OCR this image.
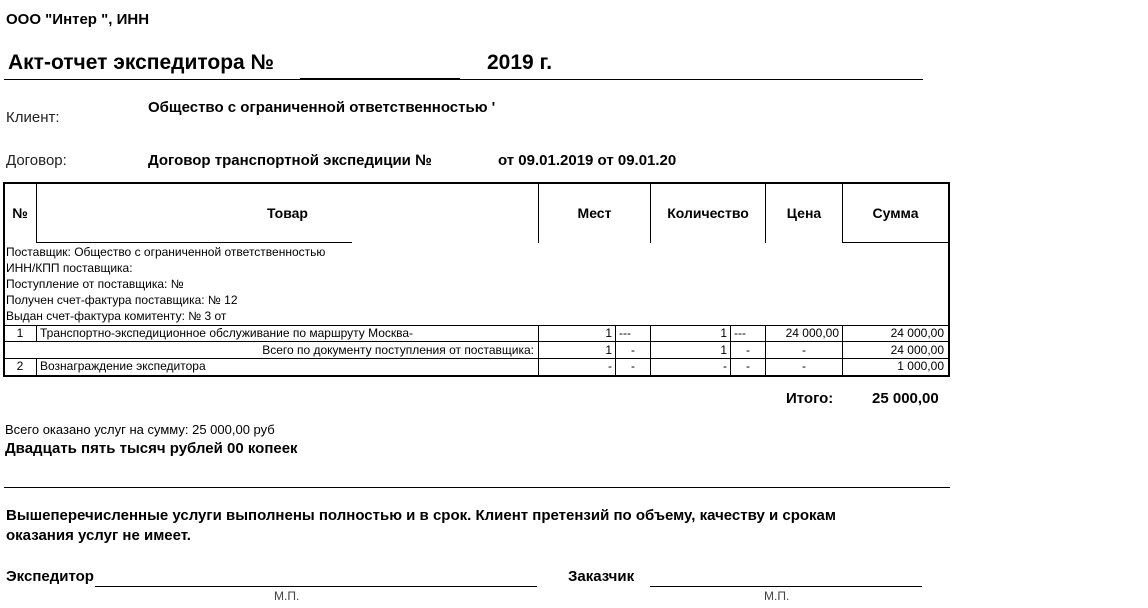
ООО "Интер ", ИНН
Акт-отчет экспедитора №	2019 г.
Клиент:
Общество с ограниченной ответственностью '
Договор:	Договор транспортной экспедиции №	от 09.01.2019 от 09.01.20
№	Товар	Мест	Количество	Цена	Сумма
Поставщик: Общество с ограниченной ответственностью
ИНН/КПП поставщика:
Поступление от поставщика: №
Получен счет-фактура поставщика: № 12
Выдан счет-фактура комитенту: № 3 от
1	Транспортно-экспедиционное обслуживание по маршруту Москва-	1 ---	1 ---	24 000,00	24 000,00
Всего по документу поступления от поставщика:	1	-	1	-	-	24 000,00
2	Вознаграждение экспедитора	-	-	-	-	-	1 000,00
Итого:	25 000,00
Всего оказано услуг на сумму: 25 000,00 руб
Двадцать пять тысяч рублей 00 копеек
Вышеперечисленные услуги выполнены полностью и в срок. Клиент претензий по объему, качеству и срокам
оказания услуг не имеет.
Экспедитор
М.П.
Заказчик
М.П.
